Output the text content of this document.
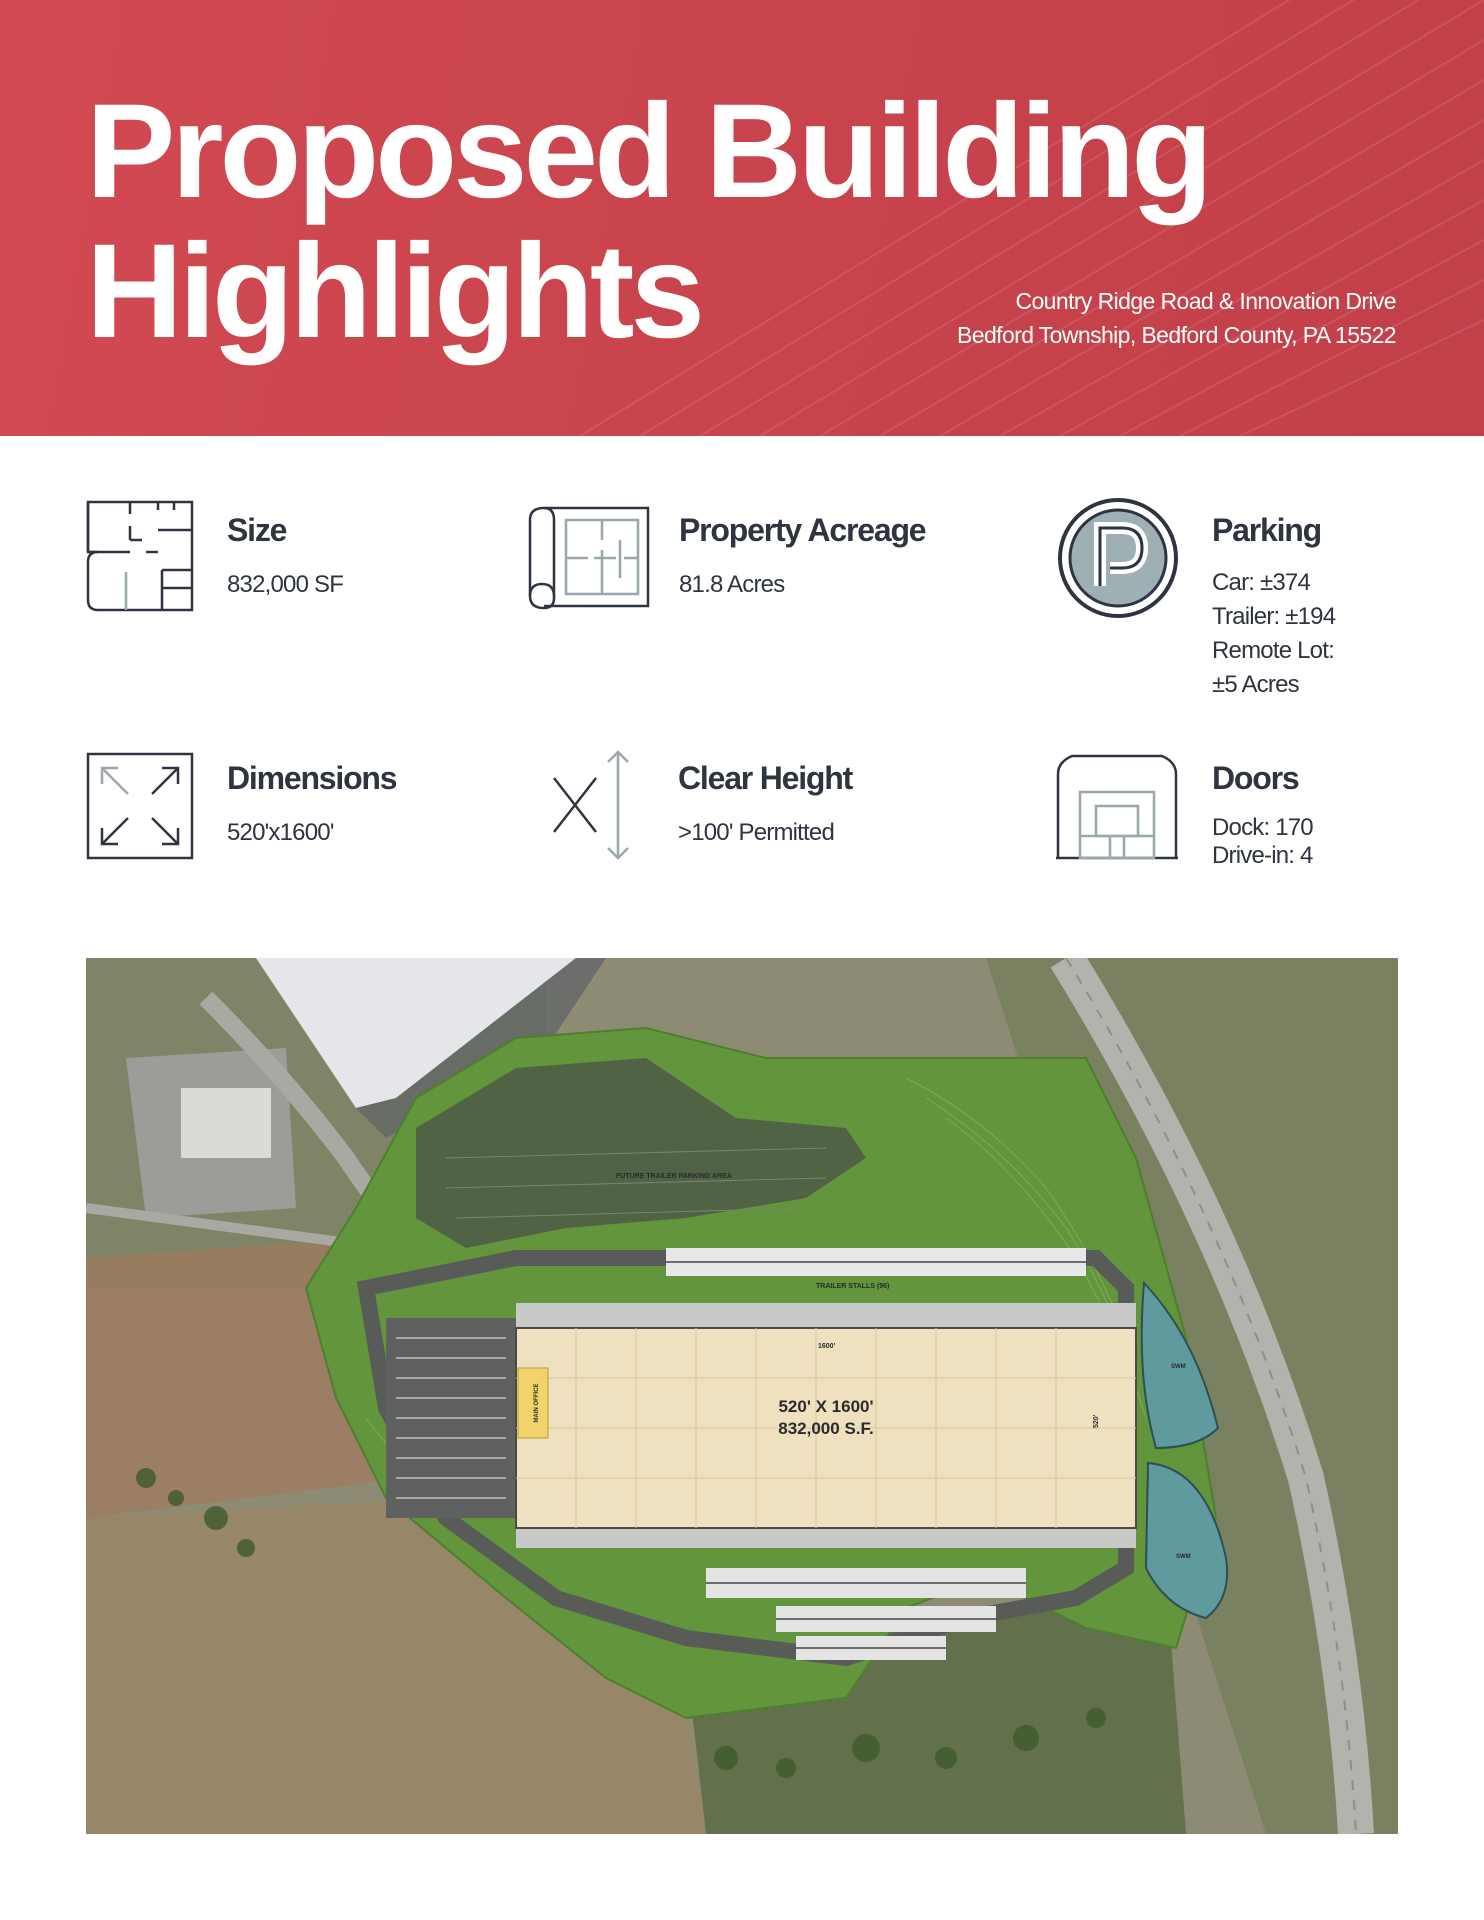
Proposed Building
Highlights	Country Ridge Road & Innovation Drive
Bedford Township, Bedford County, PA 15522
Size
832,000 SF
Property Acreage
81.8 Acres
Parking
Car: ±374
Trailer: ±194
Remote Lot:
±5 Acres
Dimensions
520'x1600'
Clear Height
>100' Permitted
Doors
Dock: 170
Drive-in: 4
FUTURE TRAILER PARKING AREA
TRAILER STALLS (96)
MAIN OFFICE	520' X 1600'
832,000 S.F.
1600'
520'
SWM
SWM
